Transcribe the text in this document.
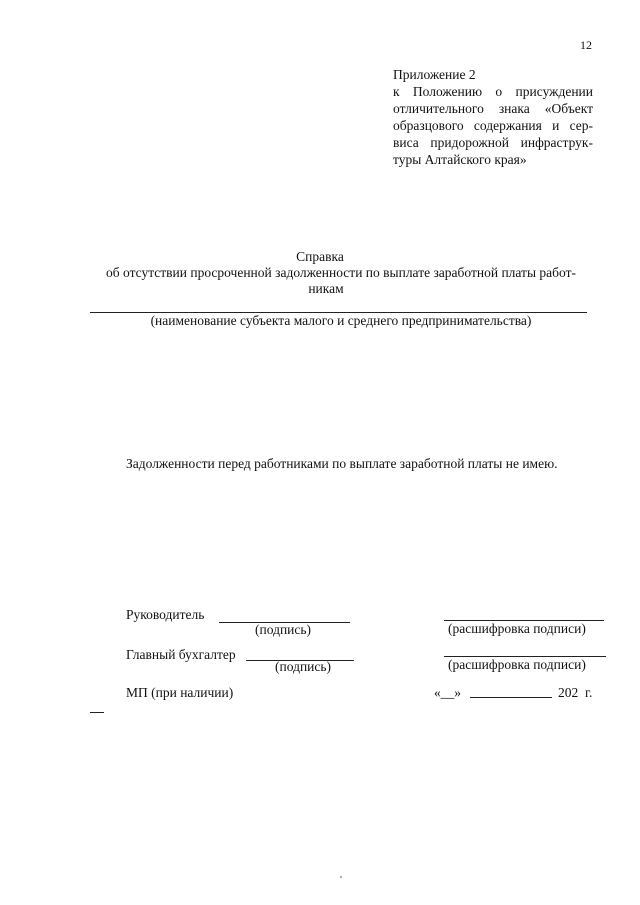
12
Приложение 2
к Положению о присуждении
отличительного знака «Объект
образцового содержания и сер-
виса придорожной инфраструк-
туры Алтайского края»
Справка
об отсутствии просроченной задолженности по выплате заработной платы работ-
никам
(наименование субъекта малого и среднего предпринимательства)
Задолженности перед работниками по выплате заработной платы не имею.
Руководитель
(подпись)	(расшифровка подписи)
Главный бухгалтер
(подпись)	(расшифровка подписи)
МП (при наличии)	«__»	202 г.
